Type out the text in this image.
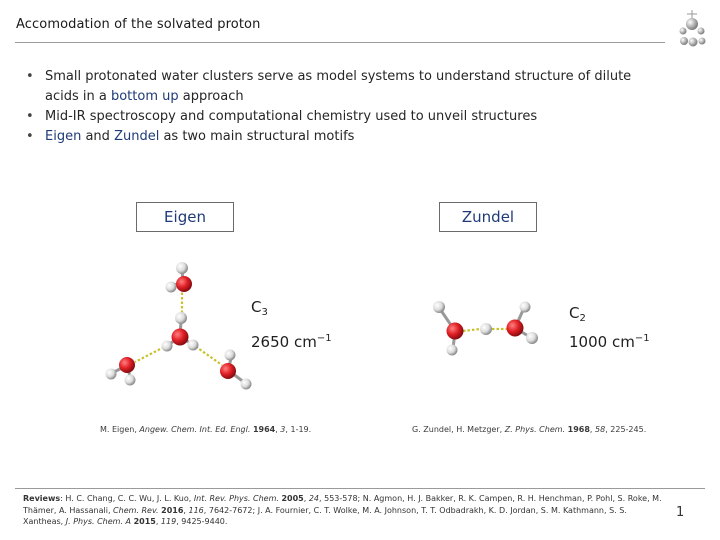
Accomodation of the solvated proton
• Small protonated water clusters serve as model systems to understand structure of dilute acids in a bottom up approach
• Mid-IR spectroscopy and computational chemistry used to unveil structures
• Eigen and Zundel as two main structural motifs
Eigen	Zundel
$C_3$
2650 $cm^{-1}$
$C_2$
1000 $cm^{-1}$
M. Eigen, Angew. Chem. Int. Ed. Engl. 1964, 3, 1-19.	G. Zundel, H. Metzger, Z. Phys. Chem. 1968, 58, 225-245.
Reviews: H. C. Chang, C. C. Wu, J. L. Kuo, Int. Rev. Phys. Chem. 2005, 24, 553-578; N. Agmon, H. J. Bakker, R. K. Campen, R. H. Henchman, P. Pohl, S. Roke, M. Thämer, A. Hassanali, Chem. Rev. 2016, 116, 7642-7672; J. A. Fournier, C. T. Wolke, M. A. Johnson, T. T. Odbadrakh, K. D. Jordan, S. M. Kathmann, S. S. Xantheas, J. Phys. Chem. A 2015, 119, 9425-9440.
1
